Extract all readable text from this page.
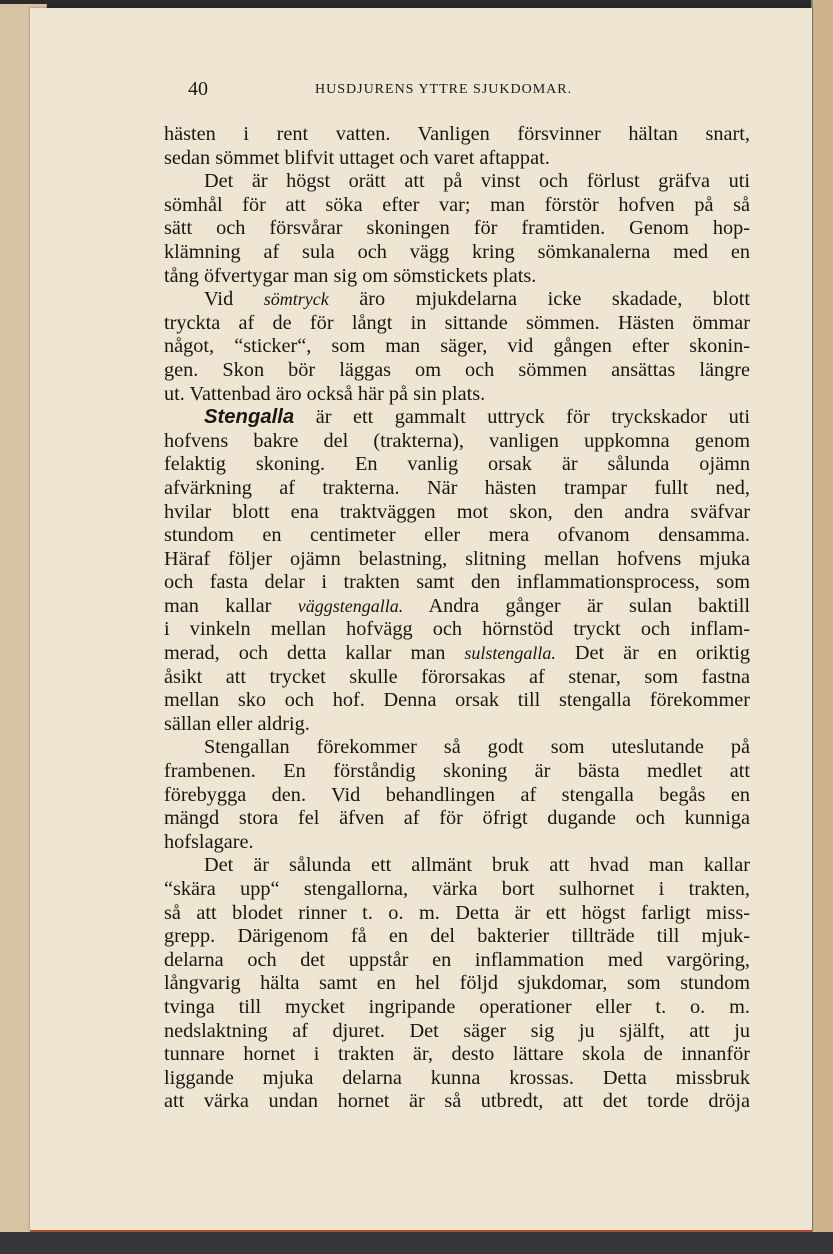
40	HUSDJURENS YTTRE SJUKDOMAR.
hästen i rent vatten. Vanligen försvinner hältan snart,
sedan sömmet blifvit uttaget och varet aftappat.
Det är högst orätt att på vinst och förlust gräfva uti
sömhål för att söka efter var; man förstör hofven på så
sätt och försvårar skoningen för framtiden. Genom hop-
klämning af sula och vägg kring sömkanalerna med en
tång öfvertygar man sig om sömstickets plats.
Vid sömtryck äro mjukdelarna icke skadade, blott
tryckta af de för långt in sittande sömmen. Hästen ömmar
något, “sticker“, som man säger, vid gången efter skonin-
gen. Skon bör läggas om och sömmen ansättas längre
ut. Vattenbad äro också här på sin plats.
Stengalla är ett gammalt uttryck för tryckskador uti
hofvens bakre del (trakterna), vanligen uppkomna genom
felaktig skoning. En vanlig orsak är sålunda ojämn
afvärkning af trakterna. När hästen trampar fullt ned,
hvilar blott ena traktväggen mot skon, den andra sväfvar
stundom en centimeter eller mera ofvanom densamma.
Häraf följer ojämn belastning, slitning mellan hofvens mjuka
och fasta delar i trakten samt den inflammationsprocess, som
man kallar väggstengalla. Andra gånger är sulan baktill
i vinkeln mellan hofvägg och hörnstöd tryckt och inflam-
merad, och detta kallar man sulstengalla. Det är en oriktig
åsikt att trycket skulle förorsakas af stenar, som fastna
mellan sko och hof. Denna orsak till stengalla förekommer
sällan eller aldrig.
Stengallan förekommer så godt som uteslutande på
frambenen. En förståndig skoning är bästa medlet att
förebygga den. Vid behandlingen af stengalla begås en
mängd stora fel äfven af för öfrigt dugande och kunniga
hofslagare.
Det är sålunda ett allmänt bruk att hvad man kallar
“skära upp“ stengallorna, värka bort sulhornet i trakten,
så att blodet rinner t. o. m. Detta är ett högst farligt miss-
grepp. Därigenom få en del bakterier tillträde till mjuk-
delarna och det uppstår en inflammation med vargöring,
långvarig hälta samt en hel följd sjukdomar, som stundom
tvinga till mycket ingripande operationer eller t. o. m.
nedslaktning af djuret. Det säger sig ju själft, att ju
tunnare hornet i trakten är, desto lättare skola de innanför
liggande mjuka delarna kunna krossas. Detta missbruk
att värka undan hornet är så utbredt, att det torde dröja
